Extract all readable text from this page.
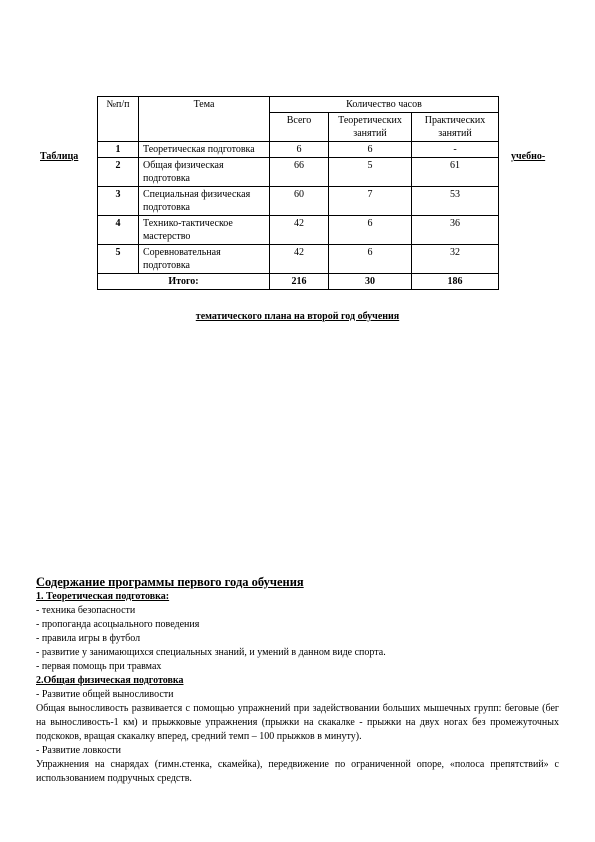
Таблица	учебно-
№п/п	Тема	Количество часов		
		Всего	Теоретических занятий	Практических занятий
1	Теоретическая подготовка	6	6	-
2	Общая физическая подготовка	66	5	61
3	Специальная физическая подготовка	60	7	53
4	Технико-тактическое мастерство	42	6	36
5	Соревновательная подготовка	42	6	32
Итого:		216	30	186
тематического плана на второй год обучения
Содержание программы первого года обучения

1. Теоретическая подготовка:

- техника безопасности

- пропоганда асоцыального поведения

- правила игры в футбол

- развитие у занимающихся специальных знаний, и умений в данном виде спорта.

- первая помощь при травмах

2.Общая физическая подготовка

- Развитие общей выносливости

Общая выносливость развивается с помощью упражнений при задействовании больших мышечных групп: беговые (бег на выносливость-1 км) и прыжковые упражнения (прыжки на скакалке - прыжки на двух ногах без промежуточных подскоков, вращая скакалку вперед, средний темп – 100 прыжков в минуту).

- Развитие ловкости

Упражнения на снарядах (гимн.стенка, скамейка), передвижение по ограниченной опоре, «полоса препятствий» с использованием подручных средств.
